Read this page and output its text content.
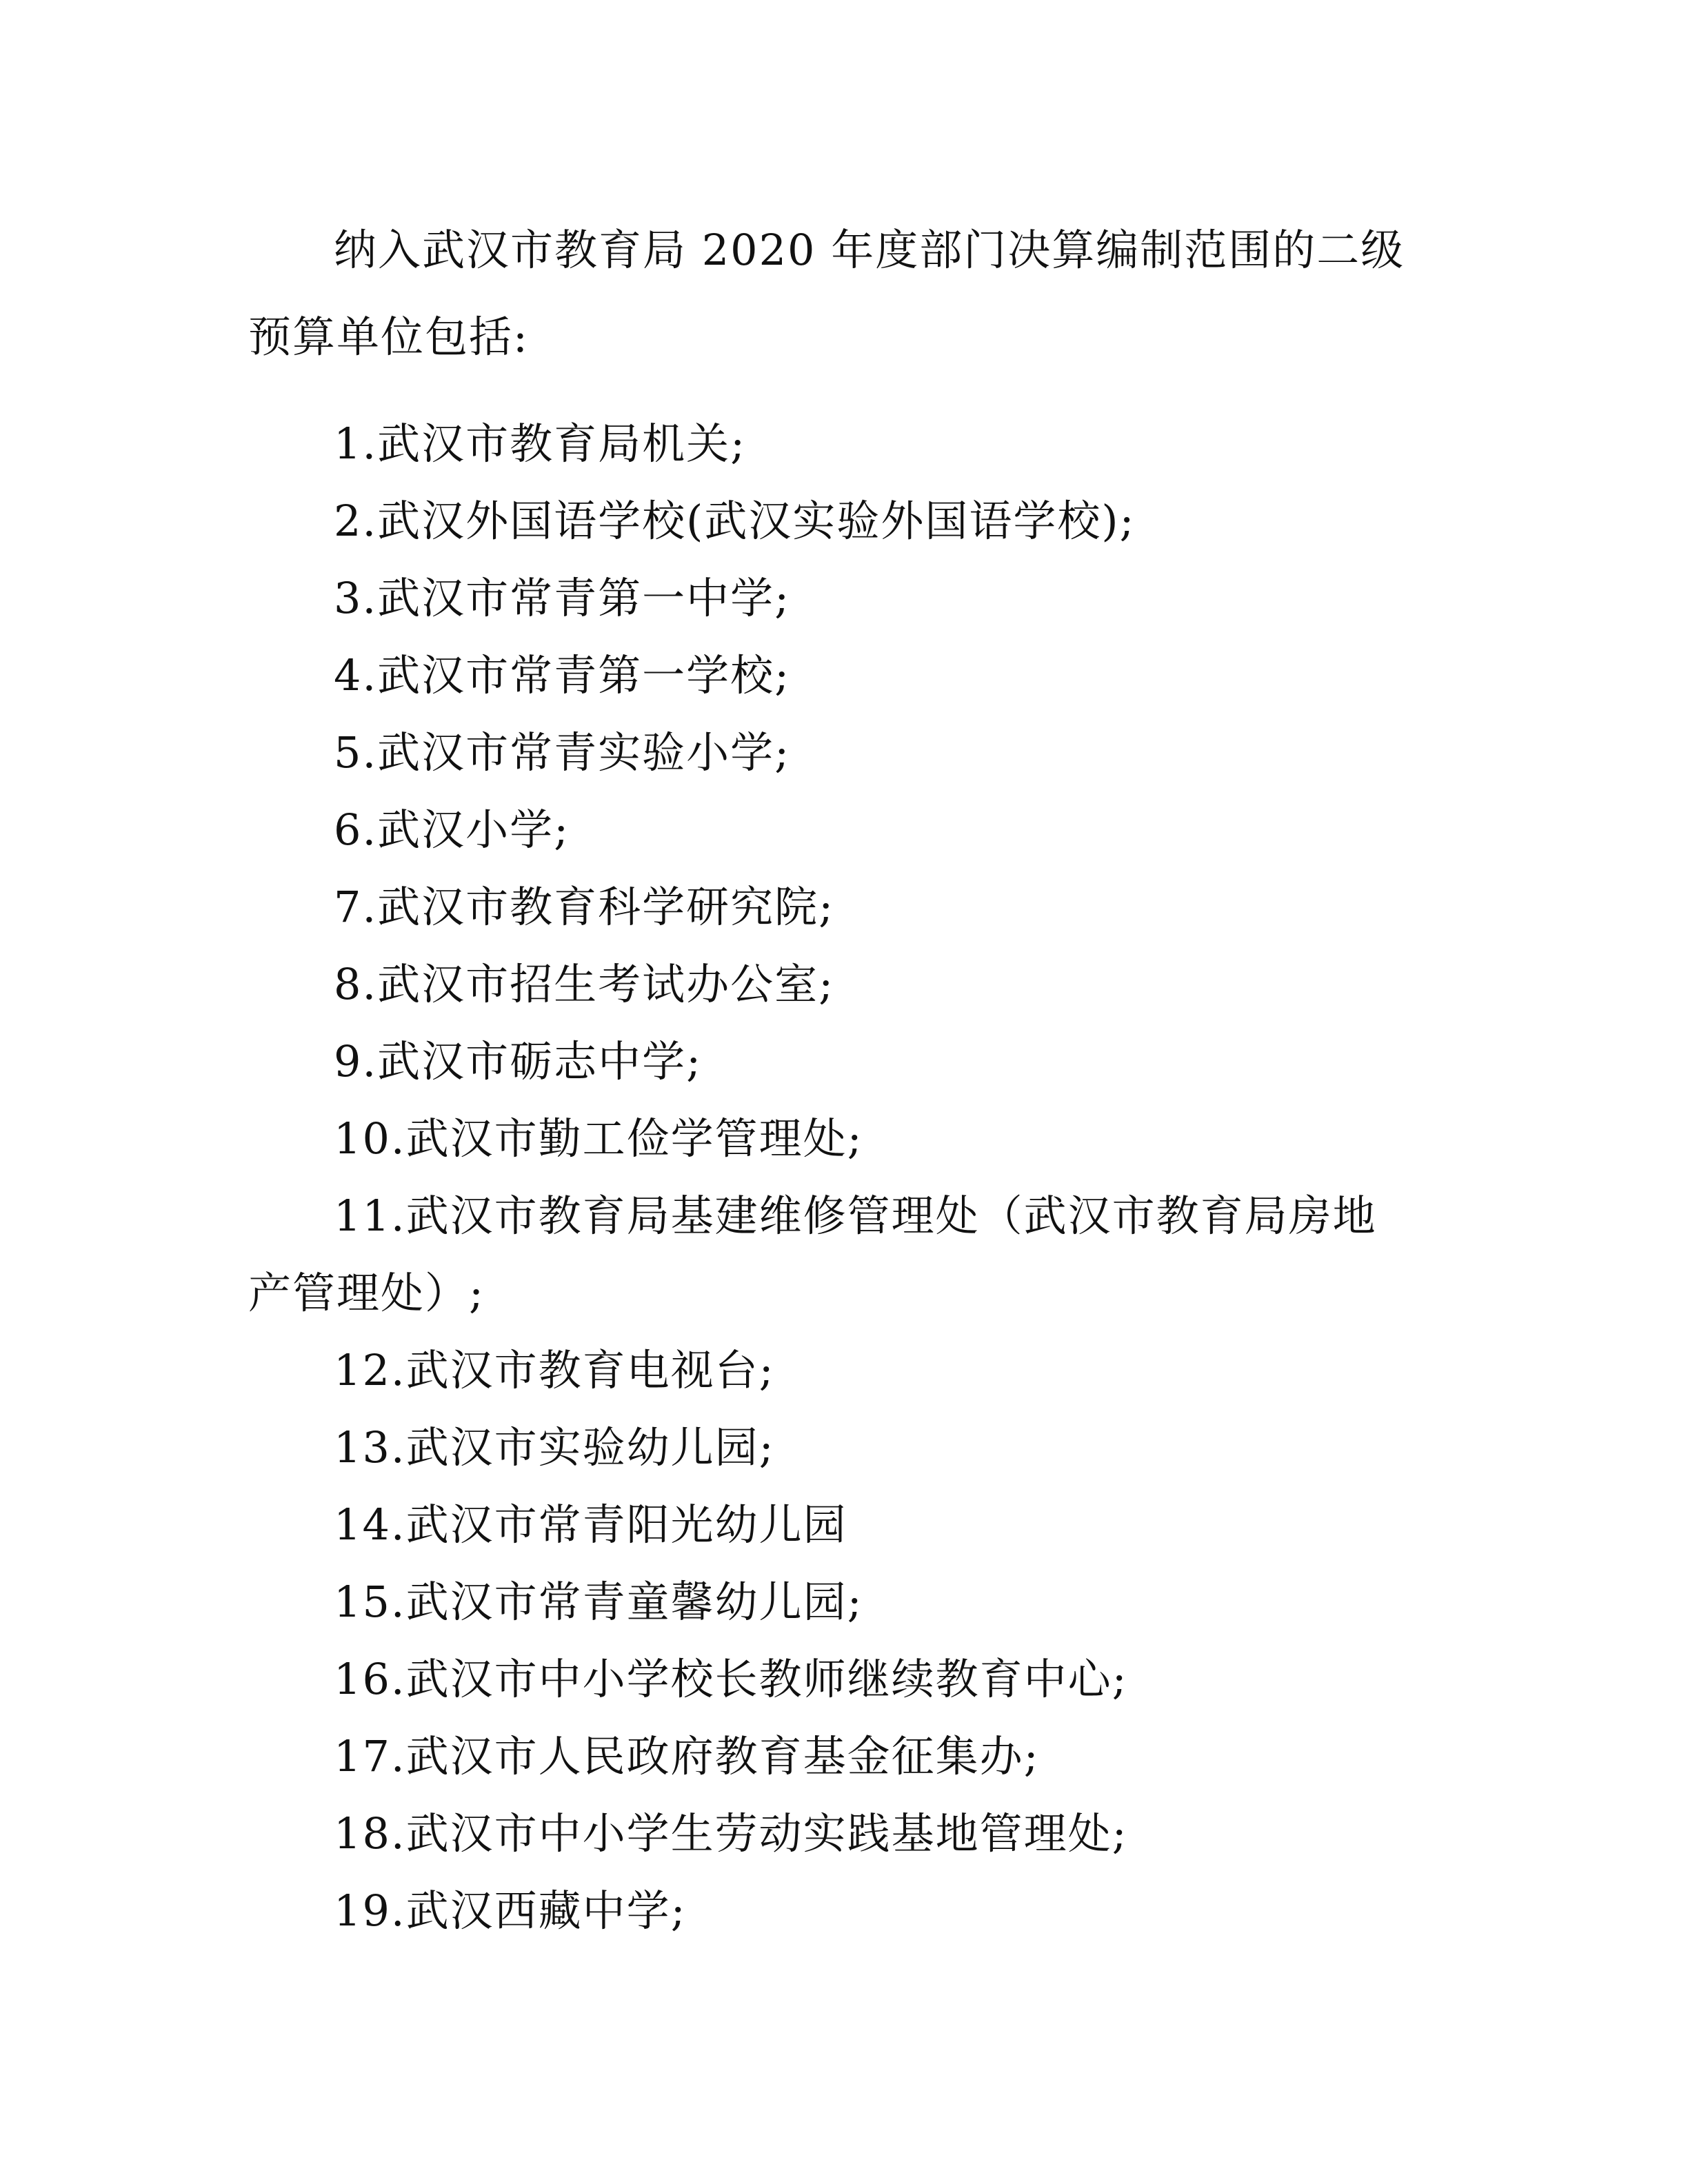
纳入武汉市教育局 2020 年度部门决算编制范围的二级预算单位包括:

1.武汉市教育局机关;
2.武汉外国语学校(武汉实验外国语学校);
3.武汉市常青第一中学;
4.武汉市常青第一学校;
5.武汉市常青实验小学;
6.武汉小学;
7.武汉市教育科学研究院;
8.武汉市招生考试办公室;
9.武汉市砺志中学;
10.武汉市勤工俭学管理处;
11.武汉市教育局基建维修管理处（武汉市教育局房地产管理处）;
12.武汉市教育电视台;
13.武汉市实验幼儿园;
14.武汉市常青阳光幼儿园
15.武汉市常青童馨幼儿园;
16.武汉市中小学校长教师继续教育中心;
17.武汉市人民政府教育基金征集办;
18.武汉市中小学生劳动实践基地管理处;
19.武汉西藏中学;
